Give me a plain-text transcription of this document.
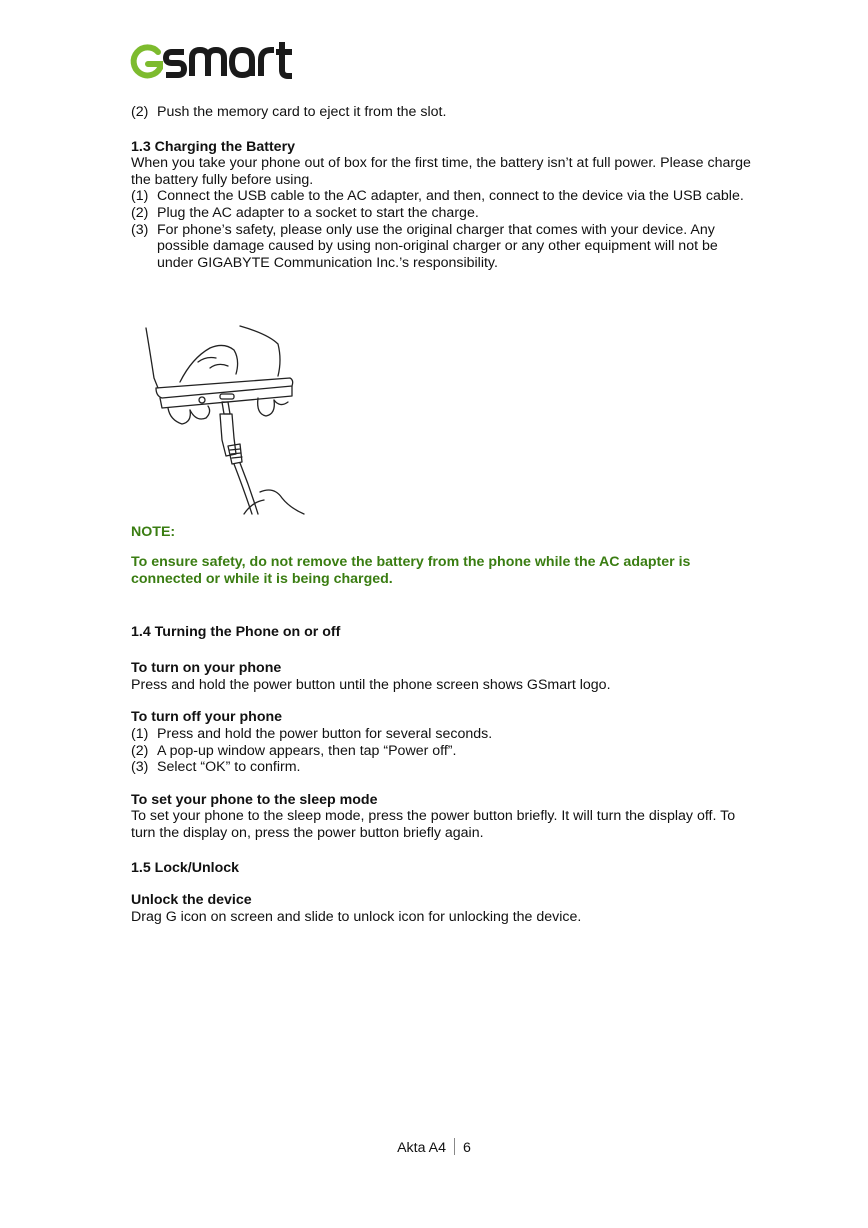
(2) Push the memory card to eject it from the slot.

1.3 Charging the Battery

When you take your phone out of box for the first time, the battery isn’t at full power. Please charge the battery fully before using.

(1) Connect the USB cable to the AC adapter, and then, connect to the device via the USB cable.
(2) Plug the AC adapter to a socket to start the charge.
(3) For phone’s safety, please only use the original charger that comes with your device. Any possible damage caused by using non-original charger or any other equipment will not be under GIGABYTE Communication Inc.’s responsibility.

NOTE:

To ensure safety, do not remove the battery from the phone while the AC adapter is connected or while it is being charged.

1.4 Turning the Phone on or off

To turn on your phone

Press and hold the power button until the phone screen shows GSmart logo.

To turn off your phone

(1) Press and hold the power button for several seconds.
(2) A pop-up window appears, then tap “Power off”.
(3) Select “OK” to confirm.

To set your phone to the sleep mode

To set your phone to the sleep mode, press the power button briefly. It will turn the display off. To turn the display on, press the power button briefly again.

1.5 Lock/Unlock

Unlock the device

Drag G icon on screen and slide to unlock icon for unlocking the device.

Akta A4 6
